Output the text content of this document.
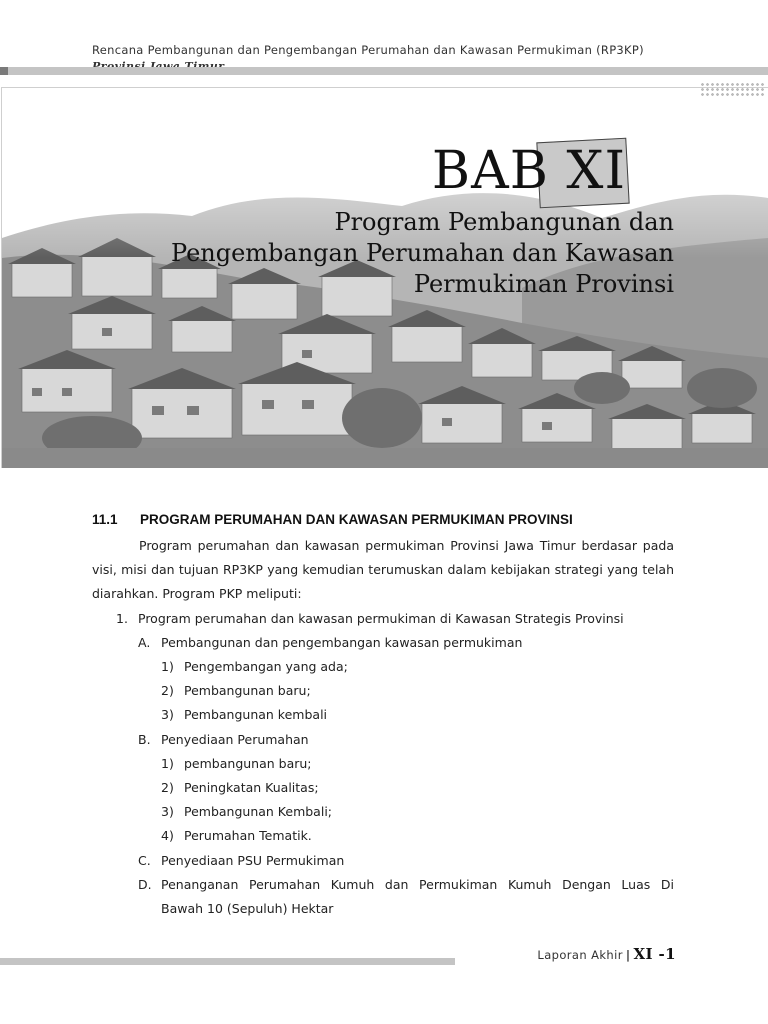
Rencana Pembangunan dan Pengembangan Perumahan dan Kawasan Permukiman (RP3KP)
BAB XI
Program Pembangunan dan
Pengembangan Perumahan dan Kawasan
Permukiman Provinsi
11.1 PROGRAM PERUMAHAN DAN KAWASAN PERMUKIMAN PROVINSI

Program perumahan dan kawasan permukiman Provinsi Jawa Timur berdasar pada visi, misi dan tujuan RP3KP yang kemudian terumuskan dalam kebijakan strategi yang telah diarahkan. Program PKP meliputi:

1. Program perumahan dan kawasan permukiman di Kawasan Strategis Provinsi
A. Pembangunan dan pengembangan kawasan permukiman
1) Pengembangan yang ada;
2) Pembangunan baru;
3) Pembangunan kembali
B. Penyediaan Perumahan
1) pembangunan baru;
2) Peningkatan Kualitas;
3) Pembangunan Kembali;
4) Perumahan Tematik.
C. Penyediaan PSU Permukiman
D. Penanganan Perumahan Kumuh dan Permukiman Kumuh Dengan Luas Di
Bawah 10 (Sepuluh) Hektar
Laporan Akhir | XI -1
